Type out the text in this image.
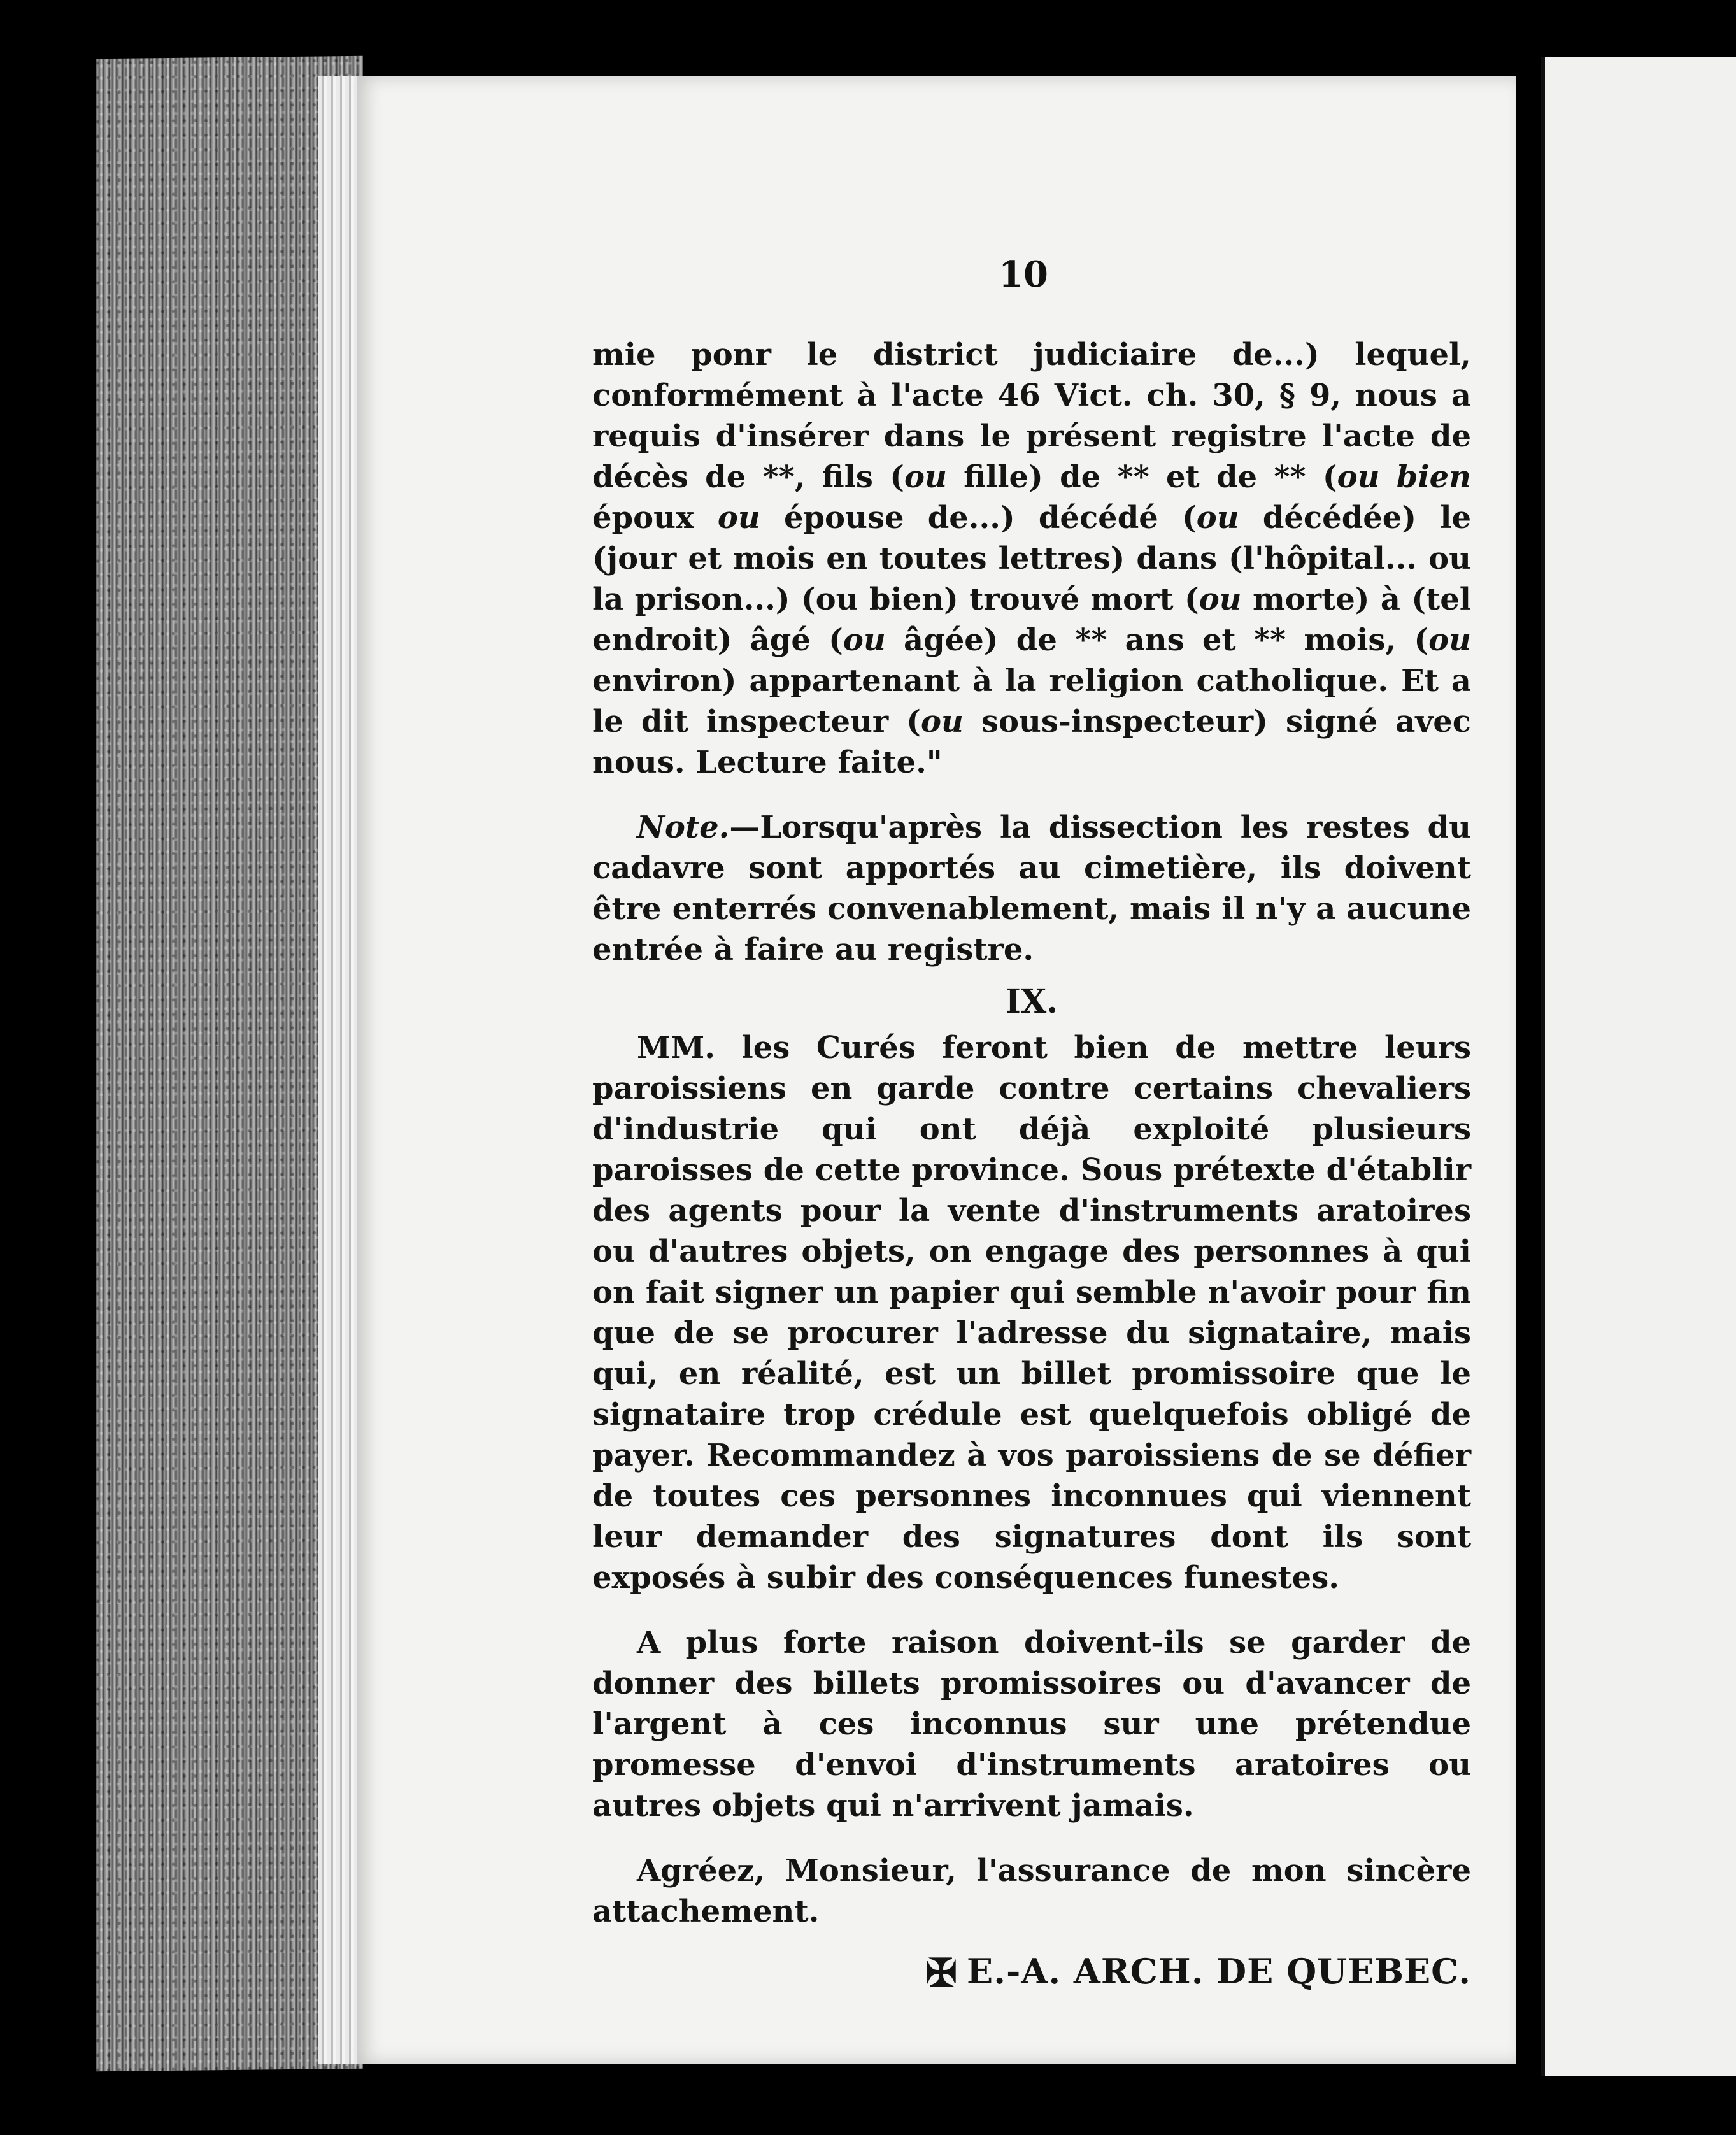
10

mie ponr le district judiciaire de...) lequel, conformément à l'acte 46 Vict. ch. 30, § 9, nous a requis d'insérer dans le présent registre l'acte de décès de **, fils (ou fille) de ** et de ** (ou bien époux ou épouse de...) décédé (ou décédée) le (jour et mois en toutes lettres) dans (l'hôpital... ou la prison...) (ou bien) trouvé mort (ou morte) à (tel endroit) âgé (ou âgée) de ** ans et ** mois, (ou environ) appartenant à la religion catholique. Et a le dit inspecteur (ou sous-inspecteur) signé avec nous. Lecture faite."

Note.—Lorsqu'après la dissection les restes du cadavre sont apportés au cimetière, ils doivent être enterrés convenablement, mais il n'y a aucune entrée à faire au registre.

IX.

MM. les Curés feront bien de mettre leurs paroissiens en garde contre certains chevaliers d'industrie qui ont déjà exploité plusieurs paroisses de cette province. Sous prétexte d'établir des agents pour la vente d'instruments aratoires ou d'autres objets, on engage des personnes à qui on fait signer un papier qui semble n'avoir pour fin que de se procurer l'adresse du signataire, mais qui, en réalité, est un billet promissoire que le signataire trop crédule est quelquefois obligé de payer. Recommandez à vos paroissiens de se défier de toutes ces personnes inconnues qui viennent leur demander des signatures dont ils sont exposés à subir des conséquences funestes.

A plus forte raison doivent-ils se garder de donner des billets promissoires ou d'avancer de l'argent à ces inconnus sur une prétendue promesse d'envoi d'instruments aratoires ou autres objets qui n'arrivent jamais.

Agréez, Monsieur, l'assurance de mon sincère attachement.

✠ E.-A. ARCH. DE QUEBEC.
